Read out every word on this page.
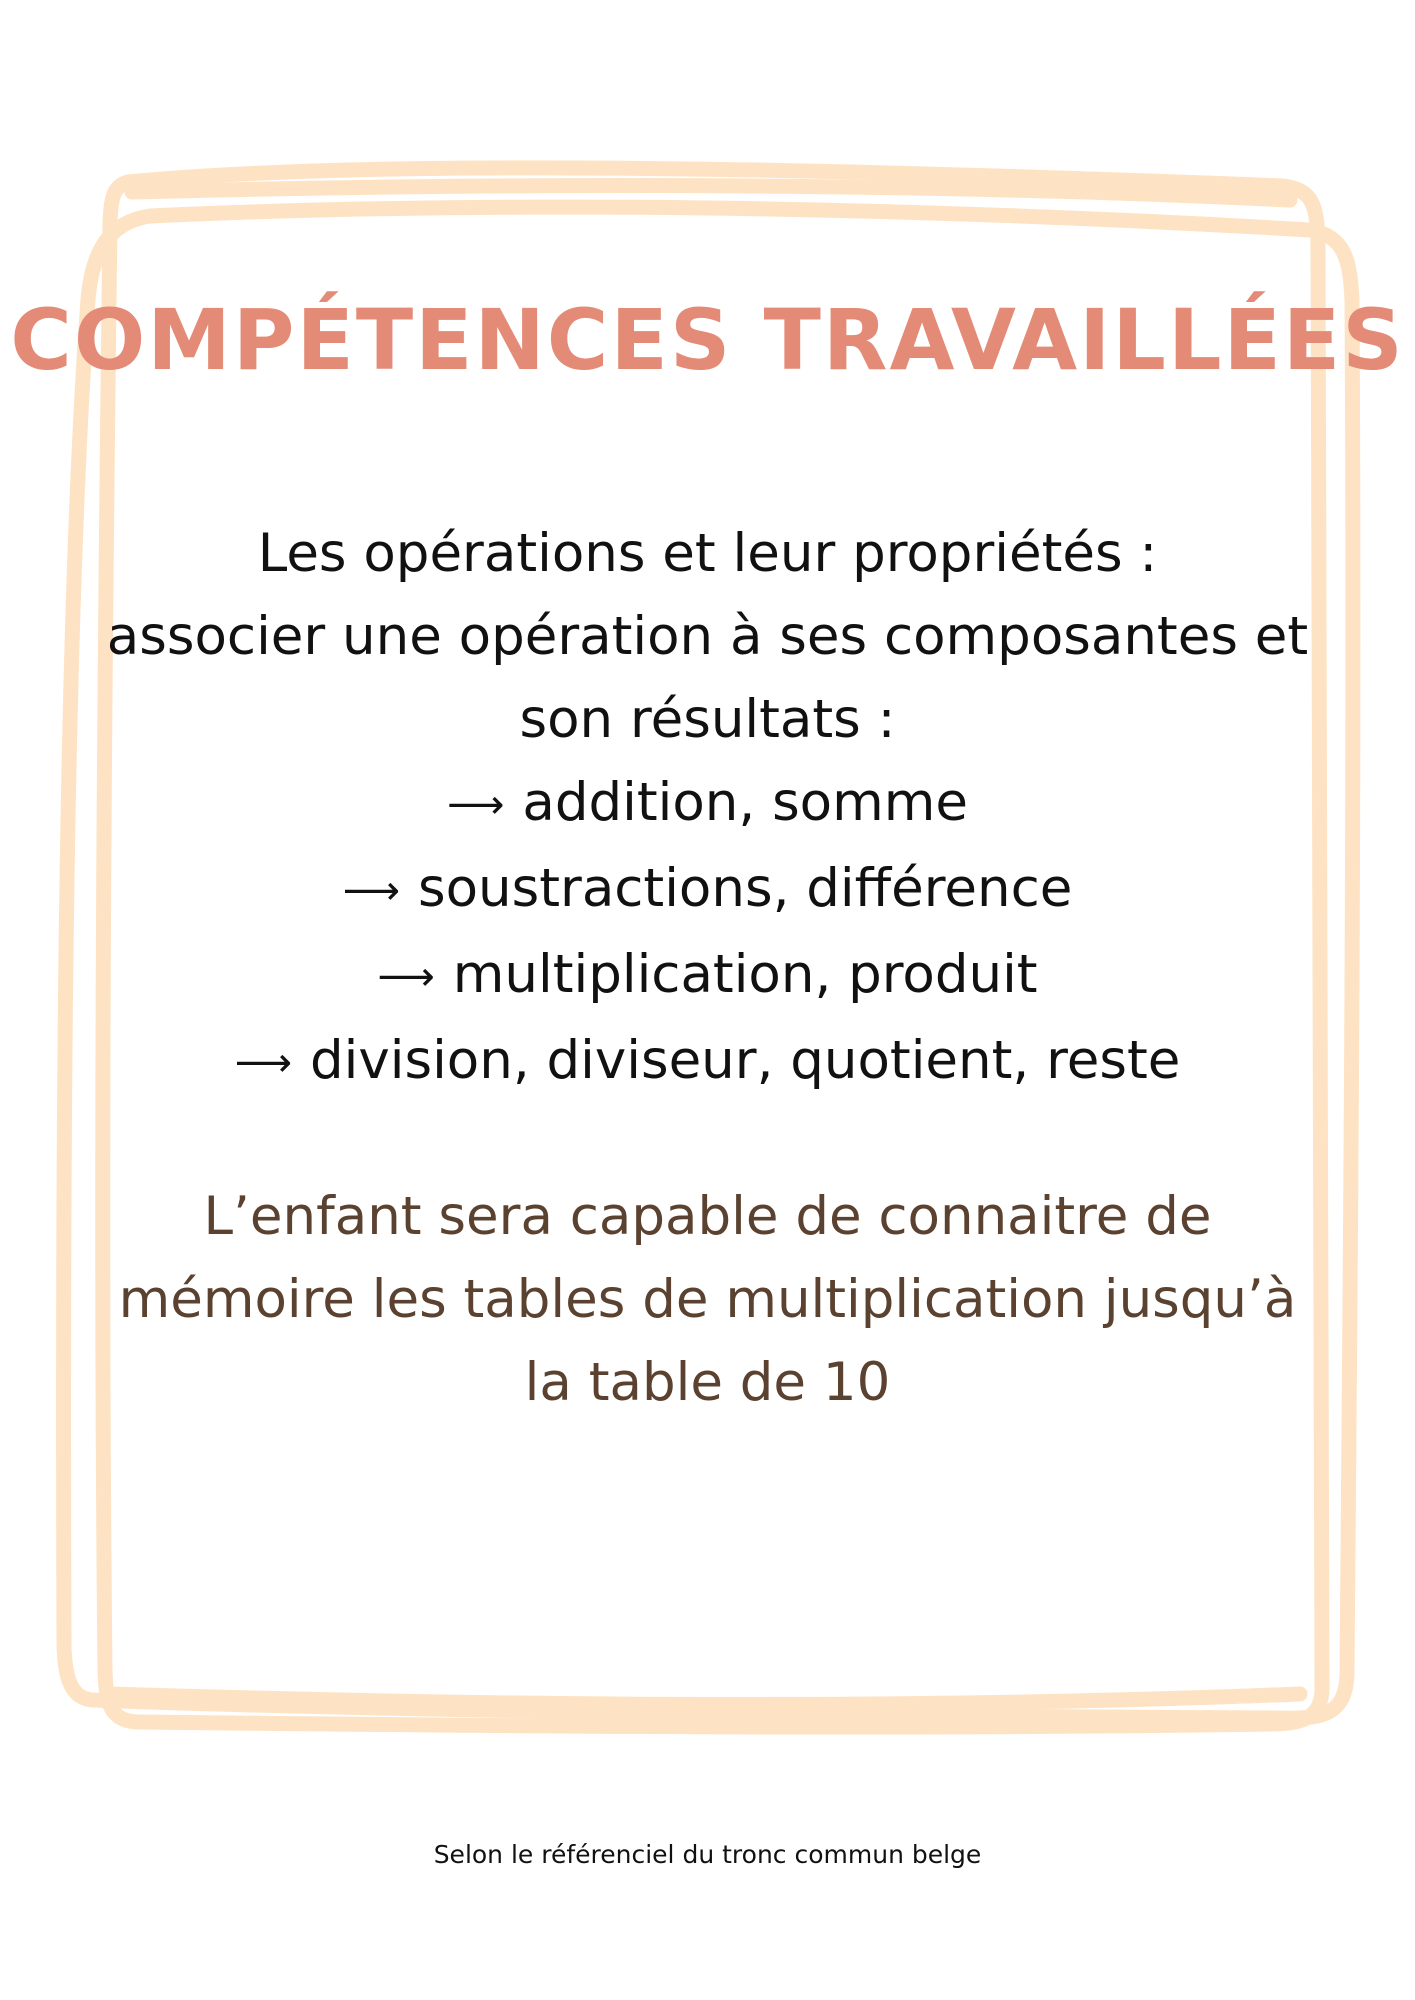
COMPÉTENCES TRAVAILLÉES
Les opérations et leur propriétés :
associer une opération à ses composantes et
son résultats :
⟶ addition, somme
⟶ soustractions, différence
⟶ multiplication, produit
⟶ division, diviseur, quotient, reste
L’enfant sera capable de connaitre de
mémoire les tables de multiplication jusqu’à
la table de 10
Selon le référenciel du tronc commun belge
